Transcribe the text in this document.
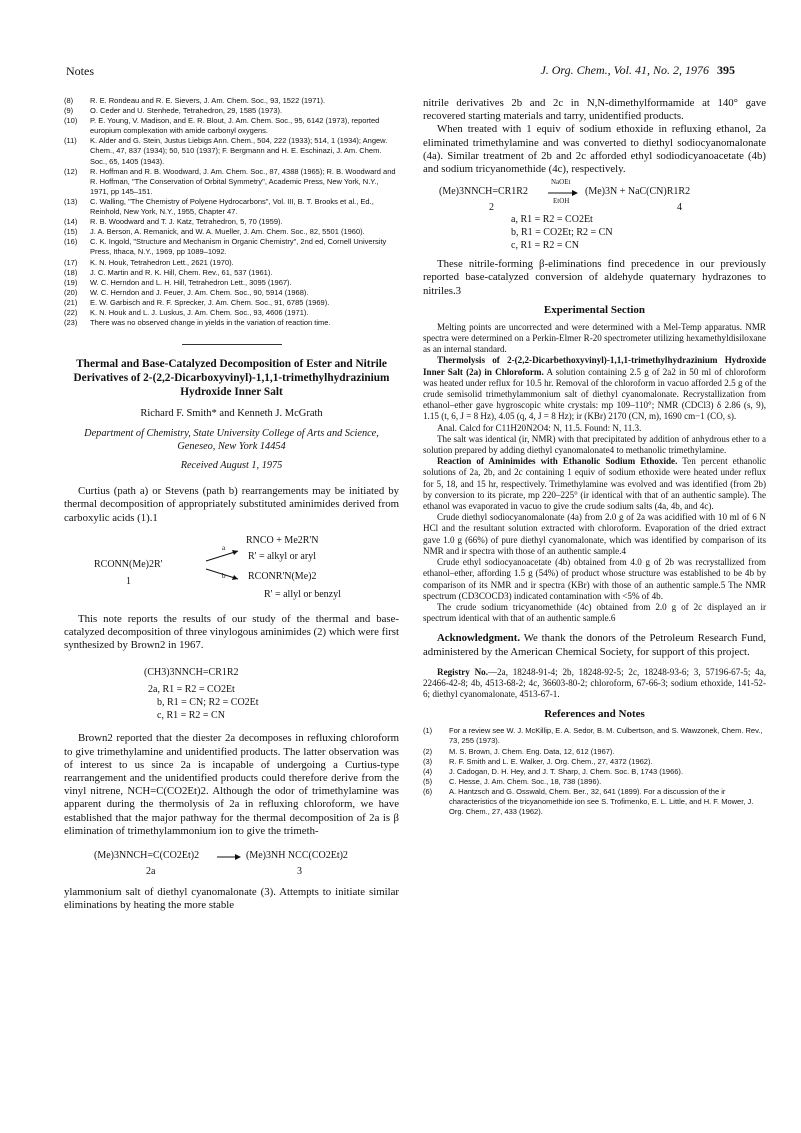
Notes	J. Org. Chem., Vol. 41, No. 2, 1976 395
(8) R. E. Rondeau and R. E. Sievers, J. Am. Chem. Soc., 93, 1522 (1971).
(9) O. Ceder and U. Stenhede, Tetrahedron, 29, 1585 (1973).
(10) P. E. Young, V. Madison, and E. R. Blout, J. Am. Chem. Soc., 95, 6142 (1973), reported europium complexation with amide carbonyl oxygens.
(11) K. Alder and G. Stein, Justus Liebigs Ann. Chem., 504, 222 (1933); 514, 1 (1934); Angew. Chem., 47, 837 (1934); 50, 510 (1937); F. Bergmann and H. E. Eschinazi, J. Am. Chem. Soc., 65, 1405 (1943).
(12) R. Hoffman and R. B. Woodward, J. Am. Chem. Soc., 87, 4388 (1965); R. B. Woodward and R. Hoffman, "The Conservation of Orbital Symmetry", Academic Press, New York, N.Y., 1971, pp 145–151.
(13) C. Walling, "The Chemistry of Polyene Hydrocarbons", Vol. III, B. T. Brooks et al., Ed., Reinhold, New York, N.Y., 1955, Chapter 47.
(14) R. B. Woodward and T. J. Katz, Tetrahedron, 5, 70 (1959).
(15) J. A. Berson, A. Remanick, and W. A. Mueller, J. Am. Chem. Soc., 82, 5501 (1960).
(16) C. K. Ingold, "Structure and Mechanism in Organic Chemistry", 2nd ed, Cornell University Press, Ithaca, N.Y., 1969, pp 1089–1092.
(17) K. N. Houk, Tetrahedron Lett., 2621 (1970).
(18) J. C. Martin and R. K. Hill, Chem. Rev., 61, 537 (1961).
(19) W. C. Herndon and L. H. Hill, Tetrahedron Lett., 3095 (1967).
(20) W. C. Herndon and J. Feuer, J. Am. Chem. Soc., 90, 5914 (1968).
(21) E. W. Garbisch and R. F. Sprecker, J. Am. Chem. Soc., 91, 6785 (1969).
(22) K. N. Houk and L. J. Luskus, J. Am. Chem. Soc., 93, 4606 (1971).
(23) There was no observed change in yields in the variation of reaction time.
Thermal and Base-Catalyzed Decomposition of Ester and Nitrile Derivatives of 2-(2,2-Dicarboxyvinyl)-1,1,1-trimethylhydrazinium Hydroxide Inner Salt
Richard F. Smith* and Kenneth J. McGrath
Department of Chemistry, State University College of Arts and Science, Geneseo, New York 14454
Received August 1, 1975

Curtius (path a) or Stevens (path b) rearrangements may be initiated by thermal decomposition of appropriately substituted aminimides derived from carboxylic acids (1).1

RCONN(Me)2R'
1
a
b
RNCO + Me2R'N
R' = alkyl or aryl
RCONR'N(Me)2
R' = allyl or benzyl

This note reports the results of our study of the thermal and base-catalyzed decomposition of three vinylogous aminimides (2) which were first synthesized by Brown2 in 1967.

(CH3)3NNCH=CR1R2
2a, R1 = R2 = CO2Et
b, R1 = CN; R2 = CO2Et
c, R1 = R2 = CN

Brown2 reported that the diester 2a decomposes in refluxing chloroform to give trimethylamine and unidentified products. The latter observation was of interest to us since 2a is incapable of undergoing a Curtius-type rearrangement and the unidentified products could therefore derive from the vinyl nitrene, NCH=C(CO2Et)2. Although the odor of trimethylamine was apparent during the thermolysis of 2a in refluxing chloroform, we have established that the major pathway for the thermal decomposition of 2a is β elimination of trimethylammonium ion to give the trimeth-

(Me)3NNCH=C(CO2Et)2	(Me)3NH NCC(CO2Et)2
2a	3

ylammonium salt of diethyl cyanomalonate (3). Attempts to initiate similar eliminations by heating the more stable

nitrile derivatives 2b and 2c in N,N-dimethylformamide at 140° gave recovered starting materials and tarry, unidentified products.

When treated with 1 equiv of sodium ethoxide in refluxing ethanol, 2a eliminated trimethylamine and was converted to diethyl sodiocyanomalonate (4a). Similar treatment of 2b and 2c afforded ethyl sodiodicyanoacetate (4b) and sodium tricyanomethide (4c), respectively.

(Me)3NNCH=CR1R2
NaOEt
EtOH
(Me)3N + NaC(CN)R1R2
2	4
a, R1 = R2 = CO2Et
b, R1 = CO2Et; R2 = CN
c, R1 = R2 = CN

These nitrile-forming β-eliminations find precedence in our previously reported base-catalyzed conversion of aldehyde quaternary hydrazones to nitriles.3

Experimental Section

Melting points are uncorrected and were determined with a Mel-Temp apparatus. NMR spectra were determined on a Perkin-Elmer R-20 spectrometer utilizing hexamethyldisiloxane as an internal standard.

Thermolysis of 2-(2,2-Dicarbethoxyvinyl)-1,1,1-trimethylhydrazinium Hydroxide Inner Salt (2a) in Chloroform. A solution containing 2.5 g of 2a2 in 50 ml of chloroform was heated under reflux for 10.5 hr. Removal of the chloroform in vacuo afforded 2.5 g of the crude semisolid trimethylammonium salt of diethyl cyanomalonate. Recrystallization from ethanol–ether gave hygroscopic white crystals: mp 109–110°; NMR (CDCl3) δ 2.86 (s, 9), 1.15 (t, 6, J = 8 Hz), 4.05 (q, 4, J = 8 Hz); ir (KBr) 2170 (CN, m), 1690 cm−1 (CO, s).

Anal. Calcd for C11H20N2O4: N, 11.5. Found: N, 11.3.

The salt was identical (ir, NMR) with that precipitated by addition of anhydrous ether to a solution prepared by adding diethyl cyanomalonate4 to methanolic trimethylamine.

Reaction of Aminimides with Ethanolic Sodium Ethoxide. Ten percent ethanolic solutions of 2a, 2b, and 2c containing 1 equiv of sodium ethoxide were heated under reflux for 5, 18, and 15 hr, respectively. Trimethylamine was evolved and was identified (from 2b) by conversion to its picrate, mp 220–225° (ir identical with that of an authentic sample). The ethanol was evaporated in vacuo to give the crude sodium salts (4a, 4b, and 4c).

Crude diethyl sodiocyanomalonate (4a) from 2.0 g of 2a was acidified with 10 ml of 6 N HCl and the resultant solution extracted with chloroform. Evaporation of the dried extract gave 1.0 g (66%) of pure diethyl cyanomalonate, which was identified by comparison of its NMR and ir spectra with those of an authentic sample.4

Crude ethyl sodiocyanoacetate (4b) obtained from 4.0 g of 2b was recrystallized from ethanol–ether, affording 1.5 g (54%) of product whose structure was established to be 4b by comparison of its NMR and ir spectra (KBr) with those of an authentic sample.5 The NMR spectrum (CD3COCD3) indicated contamination with <5% of 4b.

The crude sodium tricyanomethide (4c) obtained from 2.0 g of 2c displayed an ir spectrum identical with that of an authentic sample.6

Acknowledgment. We thank the donors of the Petroleum Research Fund, administered by the American Chemical Society, for support of this project.

Registry No.—2a, 18248-91-4; 2b, 18248-92-5; 2c, 18248-93-6; 3, 57196-67-5; 4a, 22466-42-8; 4b, 4513-68-2; 4c, 36603-80-2; chloroform, 67-66-3; sodium ethoxide, 141-52-6; diethyl cyanomalonate, 4513-67-1.

References and Notes
(1) For a review see W. J. McKillip, E. A. Sedor, B. M. Culbertson, and S. Wawzonek, Chem. Rev., 73, 255 (1973).
(2) M. S. Brown, J. Chem. Eng. Data, 12, 612 (1967).
(3) R. F. Smith and L. E. Walker, J. Org. Chem., 27, 4372 (1962).
(4) J. Cadogan, D. H. Hey, and J. T. Sharp, J. Chem. Soc. B, 1743 (1966).
(5) C. Hesse, J. Am. Chem. Soc., 18, 738 (1896).
(6) A. Hantzsch and G. Osswald, Chem. Ber., 32, 641 (1899). For a discussion of the ir characteristics of the tricyanomethide ion see S. Trofimenko, E. L. Little, and H. F. Mower, J. Org. Chem., 27, 433 (1962).
